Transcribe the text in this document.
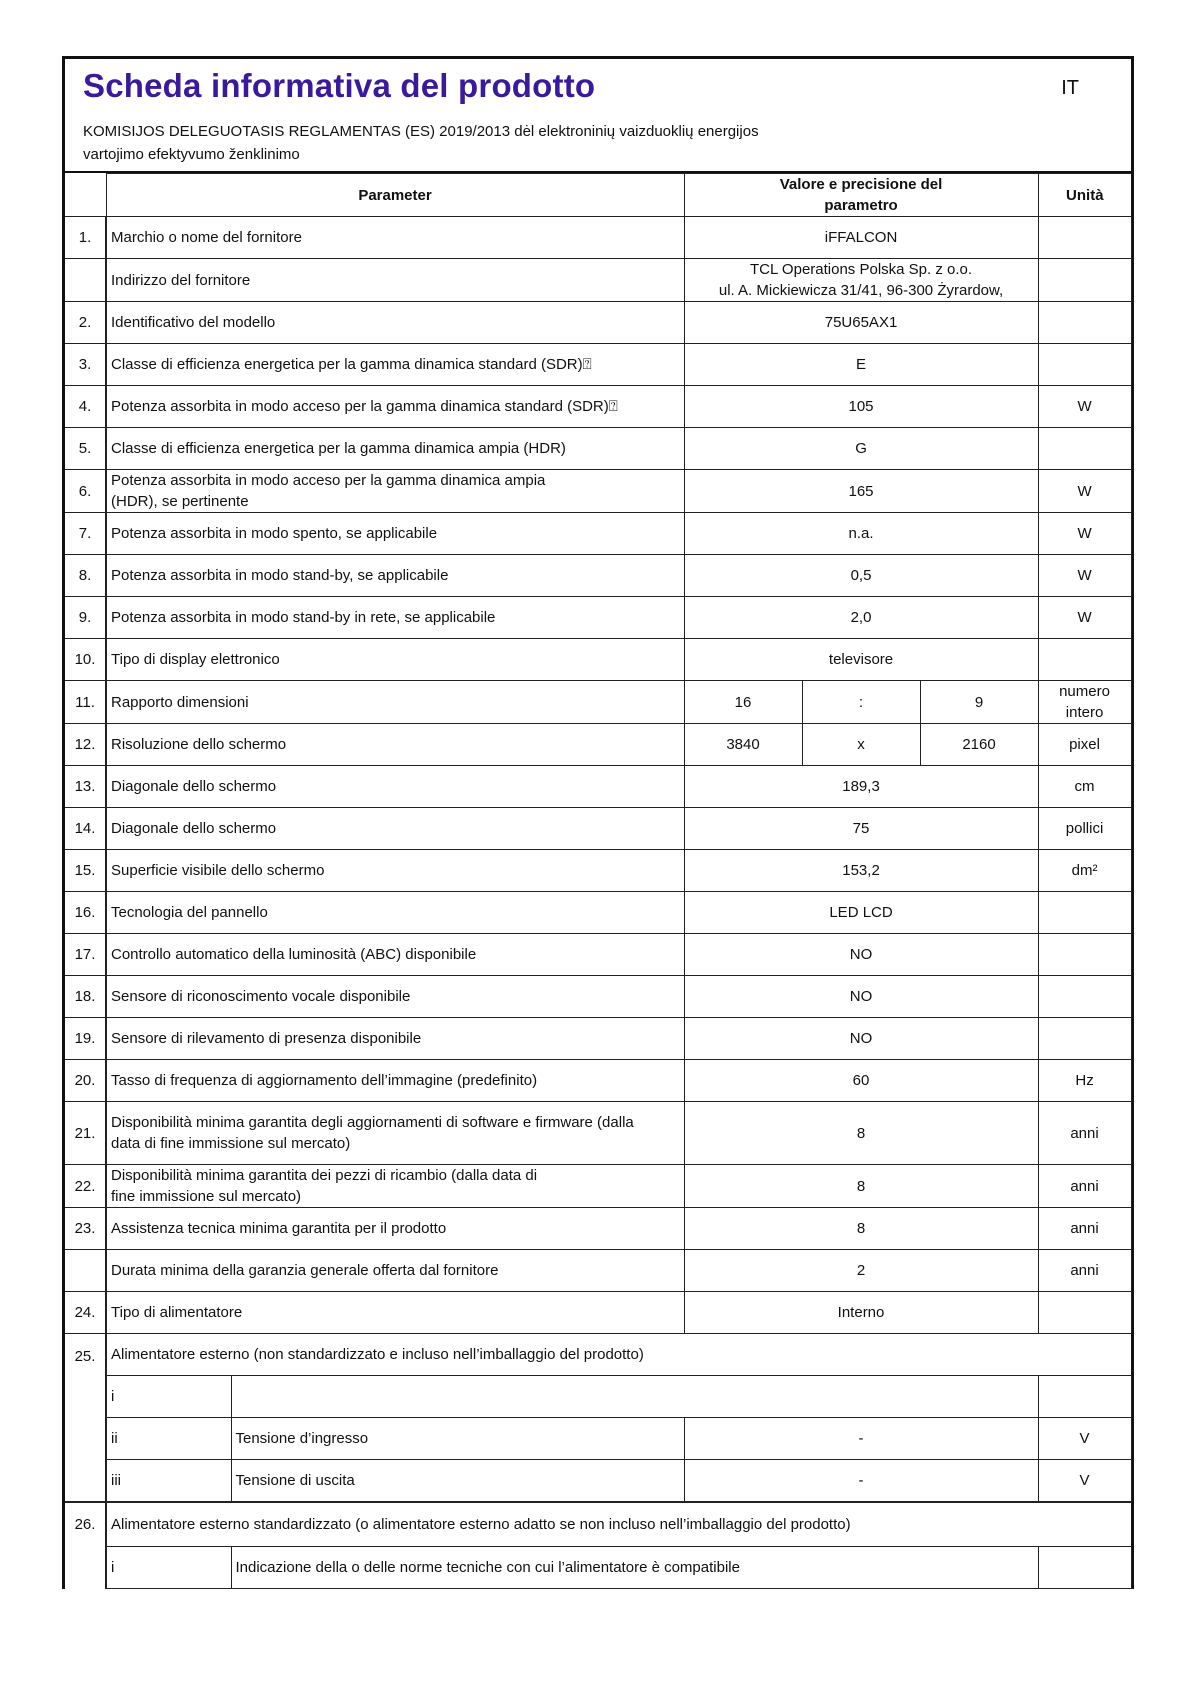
Scheda informativa del prodotto	IT
KOMISIJOS DELEGUOTASIS REGLAMENTAS (ES) 2019/2013 dėl elektroninių vaizduoklių energijos
vartojimo efektyvumo ženklinimo
	Parameter		Valore e precisione del
parametro			Unità
1.	Marchio o nome del fornitore		iFFALCON			
	Indirizzo del fornitore		TCL Operations Polska Sp. z o.o.
ul. A. Mickiewicza 31/41, 96-300 Żyrardow,			

2.	Identificativo del modello		75U65AX1			
3.	Classe di efficienza energetica per la gamma dinamica standard (SDR)⍰		E			
4.	Potenza assorbita in modo acceso per la gamma dinamica standard (SDR)⍰		105			W
5.	Classe di efficienza energetica per la gamma dinamica ampia (HDR)		G			
6.	Potenza assorbita in modo acceso per la gamma dinamica ampia
(HDR), se pertinente		165			W
7.	Potenza assorbita in modo spento, se applicabile		n.a.			W
8.	Potenza assorbita in modo stand-by, se applicabile		0,5			W
9.	Potenza assorbita in modo stand-by in rete, se applicabile		2,0			W
10.	Tipo di display elettronico		televisore			
11.	Rapporto dimensioni		16	:	9	numero
intero

12.	Risoluzione dello schermo		3840	x	2160	pixel
13.	Diagonale dello schermo		189,3			cm
14.	Diagonale dello schermo		75			pollici
15.	Superficie visibile dello schermo		153,2			dm²
16.	Tecnologia del pannello		LED LCD			
17.	Controllo automatico della luminosità (ABC) disponibile		NO			
18.	Sensore di riconoscimento vocale disponibile		NO			
19.	Sensore di rilevamento di presenza disponibile		NO			
20.	Tasso di frequenza di aggiornamento dell’immagine (predefinito)		60			Hz
21.	Disponibilità minima garantita degli aggiornamenti di software e firmware (dalla
data di fine immissione sul mercato)		8			anni
22.	Disponibilità minima garantita dei pezzi di ricambio (dalla data di
fine immissione sul mercato)		8			anni
23.	Assistenza tecnica minima garantita per il prodotto		8			anni
	Durata minima della garanzia generale offerta dal fornitore		2			anni
24.	Tipo di alimentatore		Interno			
25.	Alimentatore esterno (non standardizzato e incluso nell’imballaggio del prodotto)					
	i					
	ii	Tensione d’ingresso	-			V
	iii	Tensione di uscita	-			V
26.	Alimentatore esterno standardizzato (o alimentatore esterno adatto se non incluso nell’imballaggio del prodotto)					
	i	Indicazione della o delle norme tecniche con cui l’alimentatore è compatibile				
